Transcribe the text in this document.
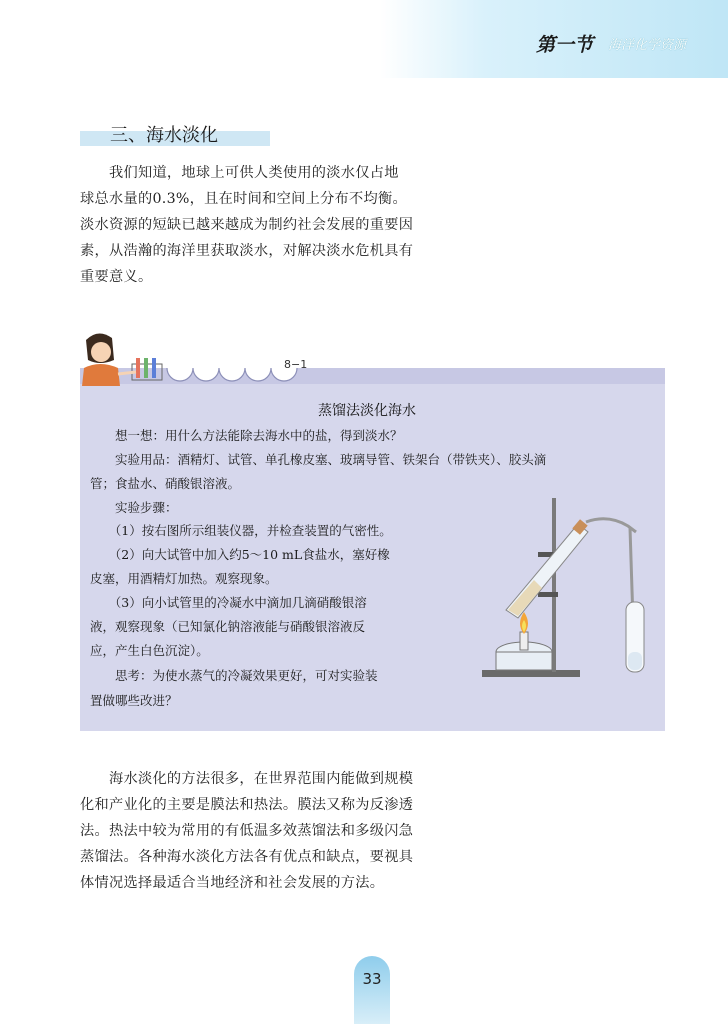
第一节 海洋化学资源
三、海水淡化
　　我们知道，地球上可供人类使用的淡水仅占地
球总水量的0.3%，且在时间和空间上分布不均衡。
淡水资源的短缺已越来越成为制约社会发展的重要因
素，从浩瀚的海洋里获取淡水，对解决淡水危机具有
重要意义。
8−1
蒸馏法淡化海水

　　想一想：用什么方法能除去海水中的盐，得到淡水？

　　实验用品：酒精灯、试管、单孔橡皮塞、玻璃导管、铁架台（带铁夹）、胶头滴

管；食盐水、硝酸银溶液。

　　实验步骤：

　　（1）按右图所示组装仪器，并检查装置的气密性。

　　（2）向大试管中加入约5～10 mL食盐水，塞好橡

皮塞，用酒精灯加热。观察现象。

　　（3）向小试管里的冷凝水中滴加几滴硝酸银溶

液，观察现象（已知氯化钠溶液能与硝酸银溶液反

应，产生白色沉淀）。

　　思考：为使水蒸气的冷凝效果更好，可对实验装

置做哪些改进？

　　海水淡化的方法很多，在世界范围内能做到规模
化和产业化的主要是膜法和热法。膜法又称为反渗透
法。热法中较为常用的有低温多效蒸馏法和多级闪急
蒸馏法。各种海水淡化方法各有优点和缺点，要视具
体情况选择最适合当地经济和社会发展的方法。
33
